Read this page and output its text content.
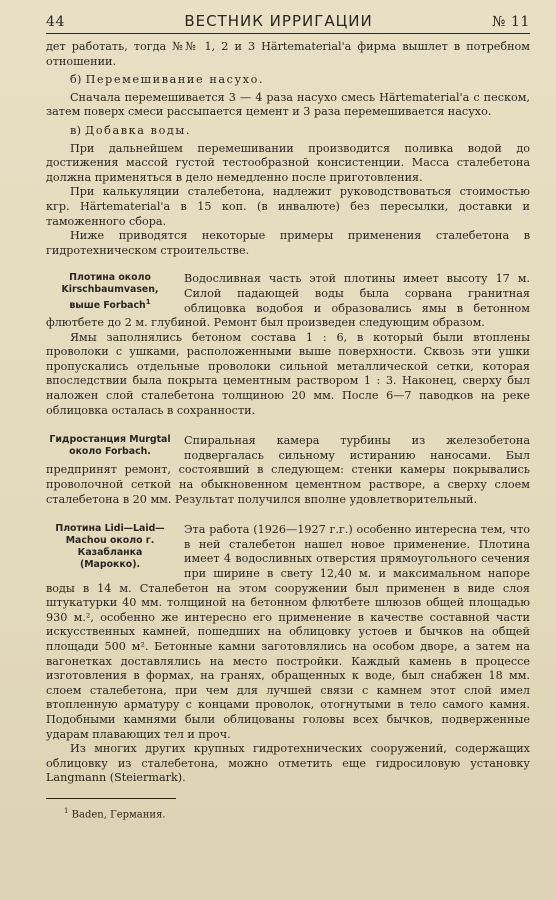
44	ВЕСТНИК ИРРИГАЦИИ	№ 11

дет работать, тогда №№ 1, 2 и 3 Härtematerial'a фирма вышлет в потребном отношении.

б) Перемешивание насухо.

Сначала перемешивается 3 — 4 раза насухо смесь Härtematerial'a с песком, затем поверх смеси рассыпается цемент и 3 раза перемешивается насухо.

в) Добавка воды.

При дальнейшем перемешивании производится поливка водой до достижения массой густой тестообразной консистенции. Масса сталебетона должна применяться в дело немедленно после приготовления.

При калькуляции сталебетона, надлежит руководствоваться стоимостью кгр. Härtematerial'a в 15 коп. (в инвалюте) без пересылки, доставки и таможенного сбора.

Ниже приводятся некоторые примеры применения сталебетона в гидротехническом строительстве.

Плотина около Kirschbaumvasen, выше Forbach$^1$

Водосливная часть этой плотины имеет высоту 17 м. Силой падающей воды была сорвана гранитная облицовка водобоя и образовались ямы в бетонном флютбете до 2 м. глубиной. Ремонт был произведен следующим образом.

Ямы заполнялись бетоном состава 1 : 6, в который были втоплены проволоки с ушками, расположенными выше поверхности. Сквозь эти ушки пропускались отдельные проволоки сильной металлической сетки, которая впоследствии была покрыта цементным раствором 1 : 3. Наконец, сверху был наложен слой сталебетона толщиною 20 мм. После 6—7 паводков на реке облицовка осталась в сохранности.

Гидростанция Murgtal около Forbach.

Спиральная камера турбины из железобетона подвергалась сильному истиранию наносами. Был предпринят ремонт, состоявший в следующем: стенки камеры покрывались проволочной сеткой на обыкновенном цементном растворе, а сверху слоем сталебетона в 20 мм. Результат получился вполне удовлетворительный.

Плотина Lidi—Laid—Machou около г. Казабланка (Марокко).

Эта работа (1926—1927 г.г.) особенно интересна тем, что в ней сталебетон нашел новое применение. Плотина имеет 4 водосливных отверстия прямоугольного сечения при ширине в свету 12,40 м. и максимальном напоре воды в 14 м. Сталебетон на этом сооружении был применен в виде слоя штукатурки 40 мм. толщиной на бетонном флютбете шлюзов общей площадью 930 м.², особенно же интересно его применение в качестве составной части искусственных камней, пошедших на облицовку устоев и бычков на общей площади 500 м². Бетонные камни заготовлялись на особом дворе, а затем на вагонетках доставлялись на место постройки. Каждый камень в процессе изготовления в формах, на гранях, обращенных к воде, был снабжен 18 мм. слоем сталебетона, при чем для лучшей связи с камнем этот слой имел втопленную арматуру с концами проволок, отогнутыми в тело самого камня. Подобными камнями были облицованы головы всех бычков, подверженные ударам плавающих тел и проч.

Из многих других крупных гидротехнических сооружений, содержащих облицовку из сталебетона, можно отметить еще гидросиловую установку Langmann (Steiermark).

$^1$ Baden, Германия.
